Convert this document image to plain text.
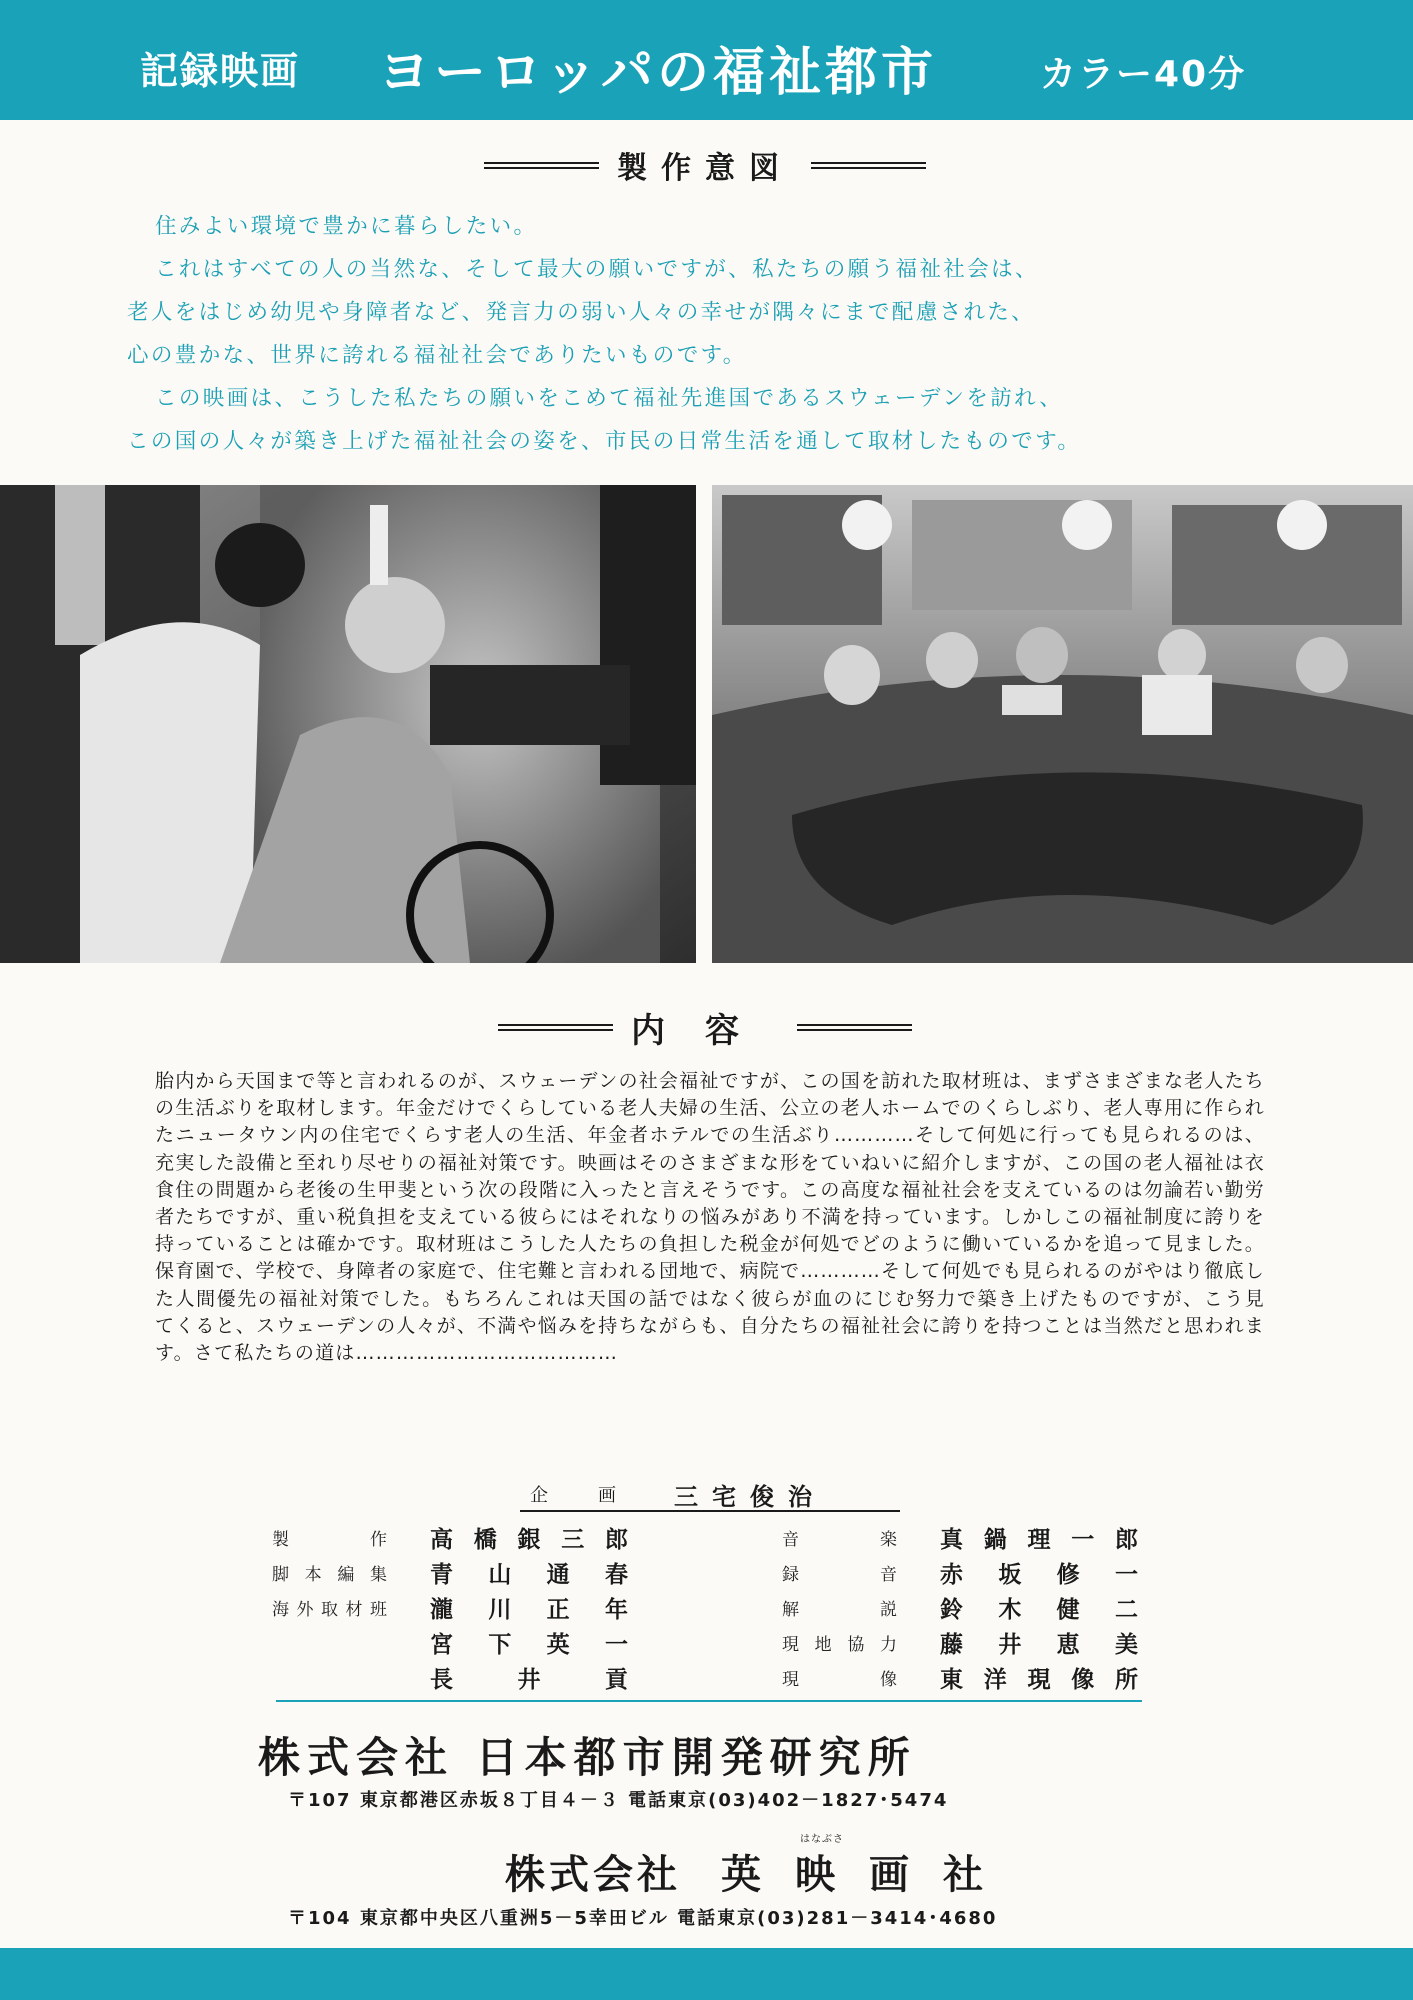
記録映画 ヨーロッパの福祉都市	カラー40分
製作意図

住みよい環境で豊かに暮らしたい。

これはすべての人の当然な、そして最大の願いですが、私たちの願う福祉社会は、

老人をはじめ幼児や身障者など、発言力の弱い人々の幸せが隅々にまで配慮された、

心の豊かな、世界に誇れる福祉社会でありたいものです。

この映画は、こうした私たちの願いをこめて福祉先進国であるスウェーデンを訪れ、

この国の人々が築き上げた福祉社会の姿を、市民の日常生活を通して取材したものです。

内容
胎内から天国まで等と言われるのが、スウェーデンの社会福祉ですが、この国を訪れた取材班は、まずさまざまな老人たちの生活ぶりを取材します。年金だけでくらしている老人夫婦の生活、公立の老人ホームでのくらしぶり、老人専用に作られたニュータウン内の住宅でくらす老人の生活、年金者ホテルでの生活ぶり…………そして何処に行っても見られるのは、充実した設備と至れり尽せりの福祉対策です。映画はそのさまざまな形をていねいに紹介しますが、この国の老人福祉は衣食住の問題から老後の生甲斐という次の段階に入ったと言えそうです。この高度な福祉社会を支えているのは勿論若い勤労者たちですが、重い税負担を支えている彼らにはそれなりの悩みがあり不満を持っています。しかしこの福祉制度に誇りを持っていることは確かです。取材班はこうした人たちの負担した税金が何処でどのように働いているかを追って見ました。保育園で、学校で、身障者の家庭で、住宅難と言われる団地で、病院で…………そして何処でも見られるのがやはり徹底した人間優先の福祉対策でした。もちろんこれは天国の話ではなく彼らが血のにじむ努力で築き上げたものですが、こう見てくると、スウェーデンの人々が、不満や悩みを持ちながらも、自分たちの福祉社会に誇りを持つことは当然だと思われます。さて私たちの道は…………………………………
企画 三宅俊治
製作 高橋銀三郎
脚本編集 青山通春
海外取材班 瀧川正年
宮下英一
長井貢
音楽 真鍋理一郎
録音 赤坂修一
解説 鈴木健二
現地協力 藤井恵美
現像 東洋現像所
株式会社 日本都市開発研究所
〒107 東京都港区赤坂８丁目４－３ 電話東京(03)402－1827･5474
はなぶさ
株式会社 英映画社
〒104 東京都中央区八重洲5－5幸田ビル 電話東京(03)281－3414･4680
